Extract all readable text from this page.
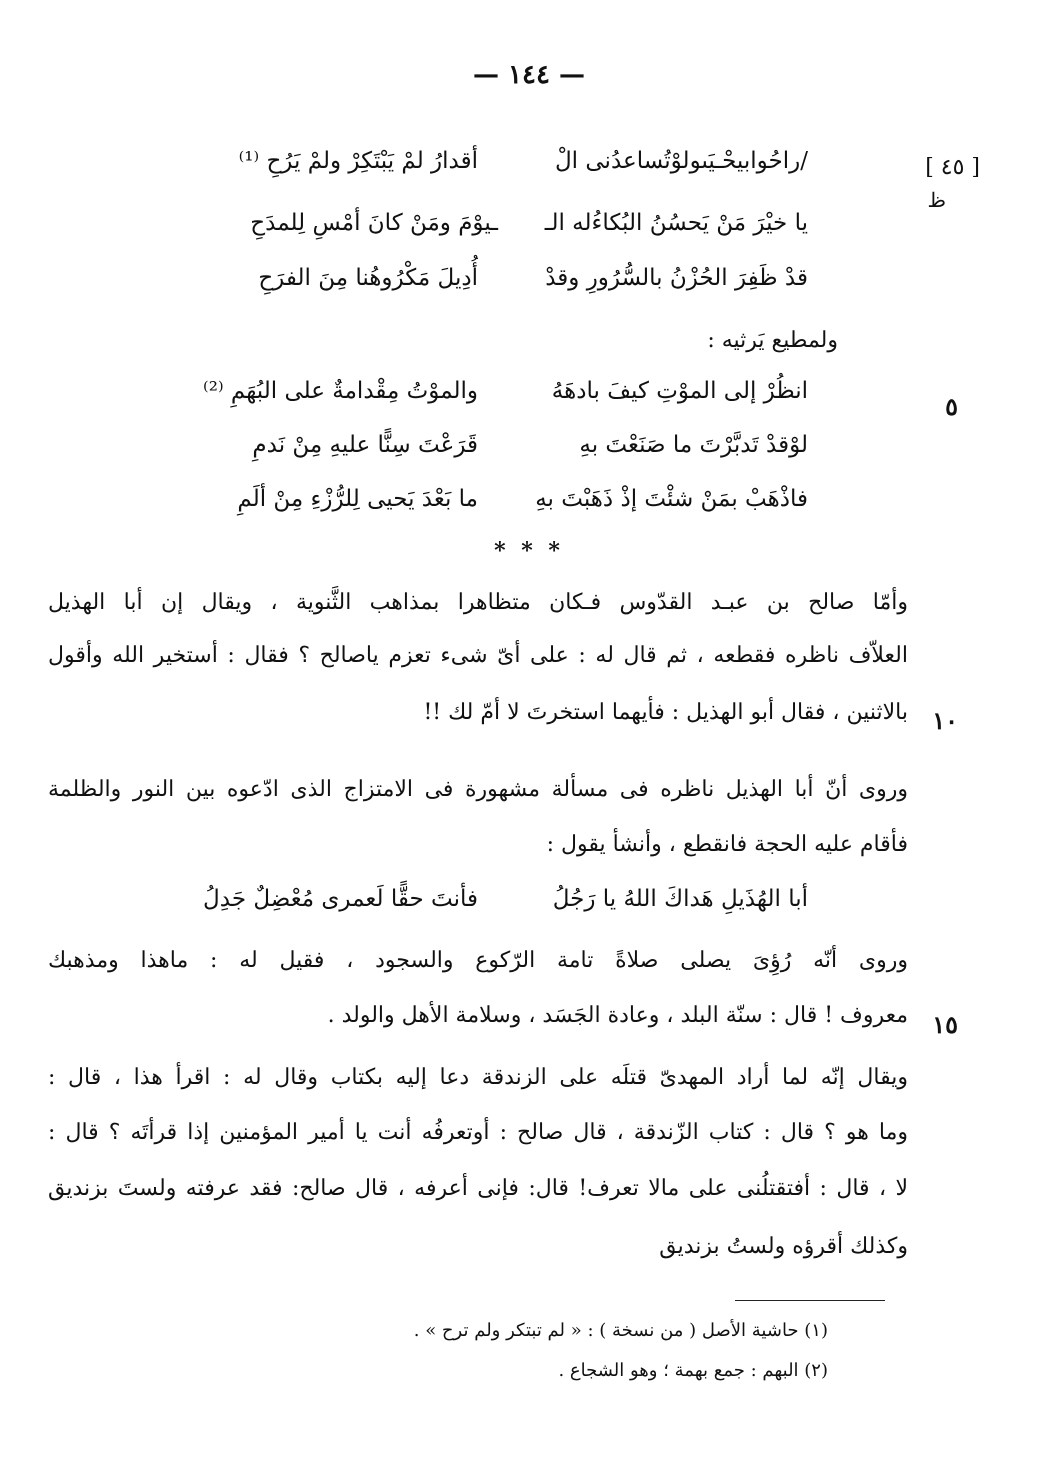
— ١٤٤ —
[ ٤٥ ]
ظ
/راحُوابيحْـيَىولوْتُساعدُنى الْ
أقدارُ لمْ يَبْتَكِرْ ولمْ يَرُحِ ⁽¹⁾
يا خيْرَ مَنْ يَحسُنُ البُكاءُله الـ
ـيوْمَ ومَنْ كانَ أمْسِ لِلمدَحِ
قدْ ظَفِرَ الحُزْنُ بالسُّرُورِ وقدْ
أُدِيلَ مَكْرُوهُنا مِنَ الفرَحِ
ولمطيع يَرثيه :
٥
انظُرْ إلى الموْتِ كيفَ بادهَهُ
والموْتُ مِقْدامةٌ على البُهَمِ ⁽²⁾
لوْقدْ تَدبَّرْتَ ما صَنَعْتَ بهِ
قَرَعْتَ سِنًّا عليهِ مِنْ نَدمِ
فاذْهَبْ بمَنْ شئْتَ إذْ ذَهَبْتَ بهِ
ما بَعْدَ يَحيى لِلرُّزْءِ مِنْ ألَمِ
* * *
وأمّا صالح بن عبـد القدّوس فـكان متظاهرا بمذاهب الثَّنوية ، ويقال إن أبا الهذيل
العلاّف ناظره فقطعه ، ثم قال له : على أىّ شىء تعزم ياصالح ؟ فقال : أستخير الله وأقول
١٠
بالاثنين ، فقال أبو الهذيل : فأيهما استخرتَ لا أمّ لك !!
وروى أنّ أبا الهذيل ناظره فى مسألة مشهورة فى الامتزاج الذى ادّعوه بين النور والظلمة
فأقام عليه الحجة فانقطع ، وأنشأ يقول :
أبا الهُذَيلِ هَداكَ اللهُ يا رَجُلُ
فأنتَ حقًّا لَعمرى مُعْضِلٌ جَدِلُ
وروى أنّه رُؤِىَ يصلى صلاةً تامة الرّكوع والسجود ، فقيل له : ماهذا ومذهبك
١٥
معروف ! قال : سنّة البلد ، وعادة الجَسَد ، وسلامة الأهل والولد .
ويقال إنّه لما أراد المهدىّ قتلَه على الزندقة دعا إليه بكتاب وقال له : اقرأ هذا ، قال :
وما هو ؟ قال : كتاب الزّندقة ، قال صالح : أوتعرفُه أنت يا أمير المؤمنين إذا قرأتَه ؟ قال :
لا ، قال : أفتقتلُنى على مالا تعرف! قال: فإنى أعرفه ، قال صالح: فقد عرفته ولستَ بزنديق
وكذلك أقرؤه ولستُ بزنديق
(١) حاشية الأصل ( من نسخة ) : « لم تبتكر ولم ترح » .
(٢) البهم : جمع بهمة ؛ وهو الشجاع .
